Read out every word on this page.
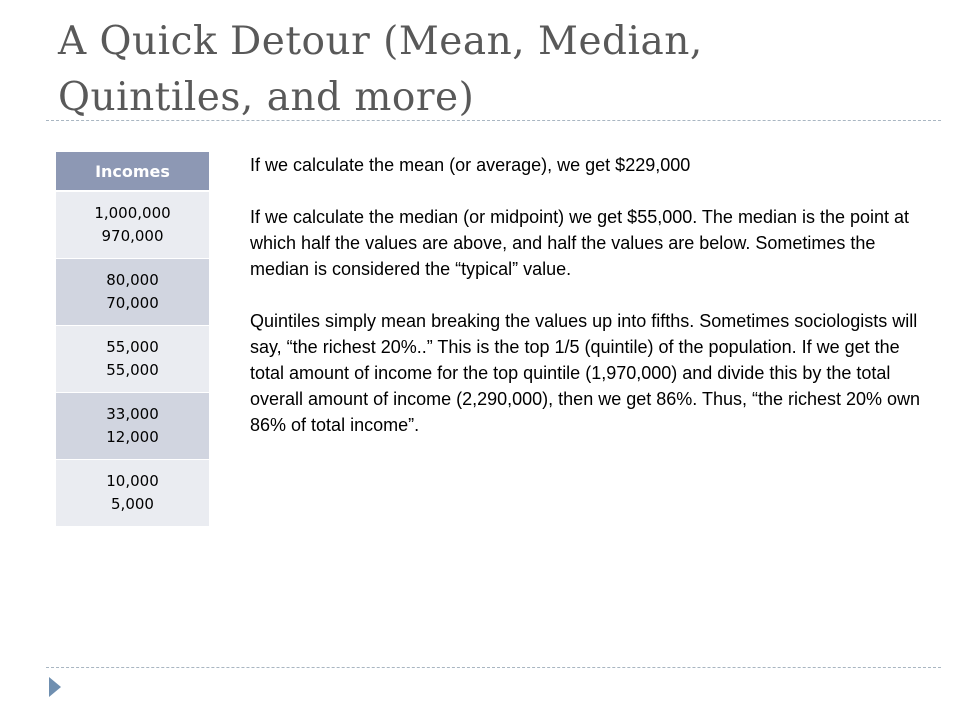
A Quick Detour (Mean, Median,
Quintiles, and more)
Incomes

1,000,000
970,000

80,000
70,000

55,000
55,000

33,000
12,000

10,000
5,000

If we calculate the mean (or average), we get $229,000

If we calculate the median (or midpoint) we get $55,000. The median is the point at which half the values are above, and half the values are below. Sometimes the median is considered the “typical” value.

Quintiles simply mean breaking the values up into fifths. Sometimes sociologists will say, “the richest 20%..” This is the top 1/5 (quintile) of the population. If we get the total amount of income for the top quintile (1,970,000) and divide this by the total overall amount of income (2,290,000), then we get 86%. Thus, “the richest 20% own 86% of total income”.
